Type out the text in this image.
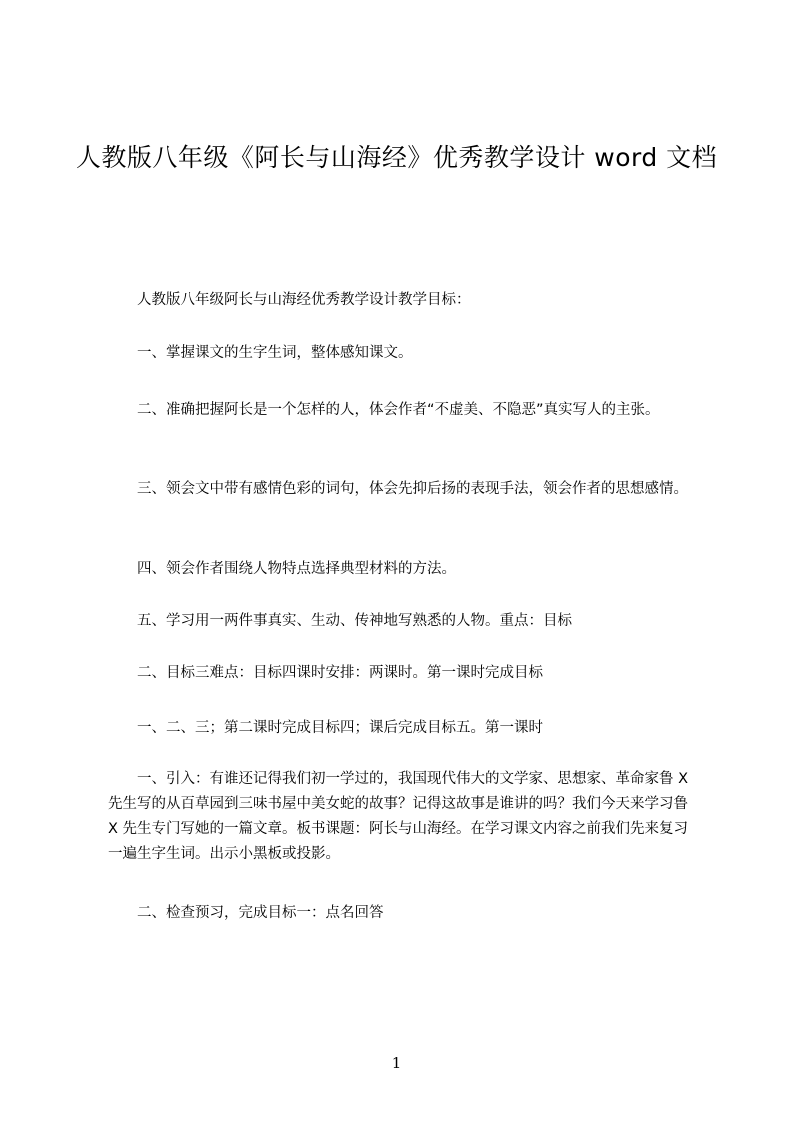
人教版八年级《阿长与山海经》优秀教学设计 word 文档

人教版八年级阿长与山海经优秀教学设计教学目标：

一、掌握课文的生字生词，整体感知课文。

二、准确把握阿长是一个怎样的人，体会作者“不虚美、不隐恶”真实写人的主张。

三、领会文中带有感情色彩的词句，体会先抑后扬的表现手法，领会作者的思想感情。

四、领会作者围绕人物特点选择典型材料的方法。

五、学习用一两件事真实、生动、传神地写熟悉的人物。重点：目标

二、目标三难点：目标四课时安排：两课时。第一课时完成目标

一、二、三；第二课时完成目标四；课后完成目标五。第一课时

一、引入：有谁还记得我们初一学过的，我国现代伟大的文学家、思想家、革命家鲁 X 先生写的从百草园到三味书屋中美女蛇的故事？记得这故事是谁讲的吗？我们今天来学习鲁 X 先生专门写她的一篇文章。板书课题：阿长与山海经。在学习课文内容之前我们先来复习一遍生字生词。出示小黑板或投影。

二、检查预习，完成目标一：点名回答

1
